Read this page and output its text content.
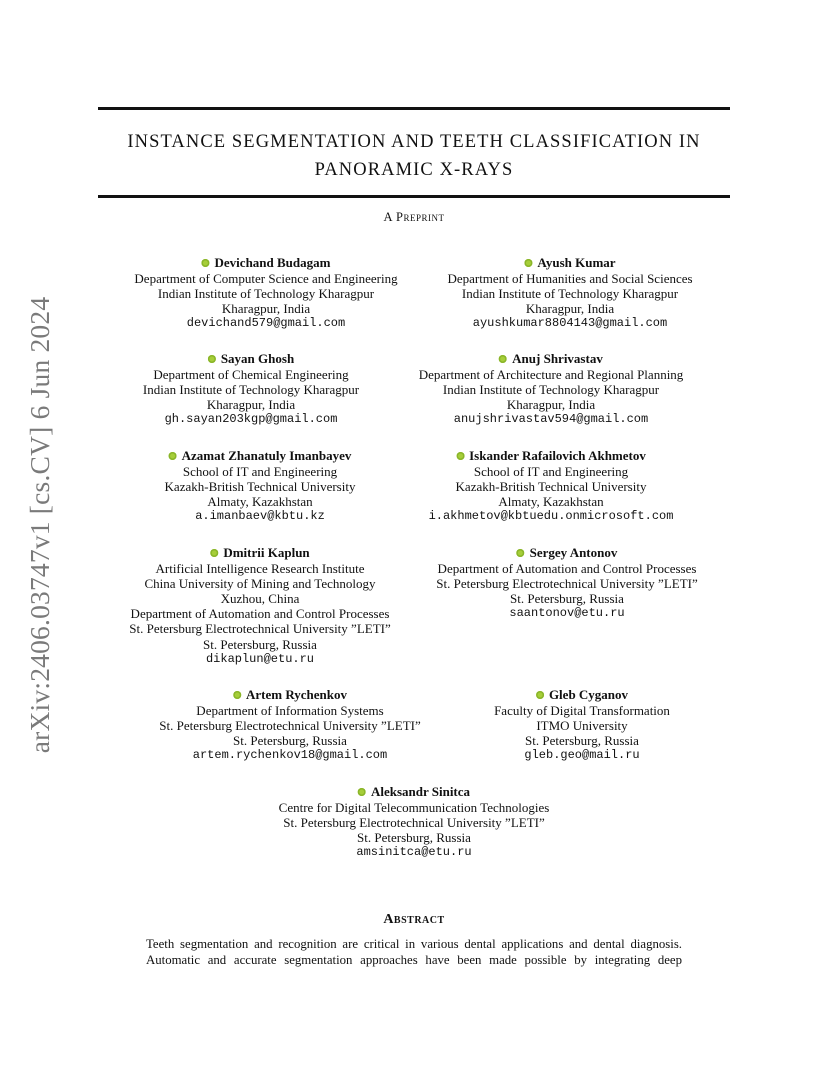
arXiv:2406.03747v1 [cs.CV] 6 Jun 2024
INSTANCE SEGMENTATION AND TEETH CLASSIFICATION IN
PANORAMIC X-RAYS
A Preprint
Devichand Budagam
Department of Computer Science and Engineering
Indian Institute of Technology Kharagpur
Kharagpur, India
devichand579@gmail.com
Ayush Kumar
Department of Humanities and Social Sciences
Indian Institute of Technology Kharagpur
Kharagpur, India
ayushkumar8804143@gmail.com
Sayan Ghosh
Department of Chemical Engineering
Indian Institute of Technology Kharagpur
Kharagpur, India
gh.sayan203kgp@gmail.com
Anuj Shrivastav
Department of Architecture and Regional Planning
Indian Institute of Technology Kharagpur
Kharagpur, India
anujshrivastav594@gmail.com
Azamat Zhanatuly Imanbayev
School of IT and Engineering
Kazakh-British Technical University
Almaty, Kazakhstan
a.imanbaev@kbtu.kz
Iskander Rafailovich Akhmetov
School of IT and Engineering
Kazakh-British Technical University
Almaty, Kazakhstan
i.akhmetov@kbtuedu.onmicrosoft.com
Dmitrii Kaplun
Artificial Intelligence Research Institute
China University of Mining and Technology
Xuzhou, China
Department of Automation and Control Processes
St. Petersburg Electrotechnical University ”LETI”
St. Petersburg, Russia
dikaplun@etu.ru
Sergey Antonov
Department of Automation and Control Processes
St. Petersburg Electrotechnical University ”LETI”
St. Petersburg, Russia
saantonov@etu.ru
Artem Rychenkov
Department of Information Systems
St. Petersburg Electrotechnical University ”LETI”
St. Petersburg, Russia
artem.rychenkov18@gmail.com
Gleb Cyganov
Faculty of Digital Transformation
ITMO University
St. Petersburg, Russia
gleb.geo@mail.ru
Aleksandr Sinitca
Centre for Digital Telecommunication Technologies
St. Petersburg Electrotechnical University ”LETI”
St. Petersburg, Russia
amsinitca@etu.ru
Abstract
Teeth segmentation and recognition are critical in various dental applications and dental diagnosis.
Automatic and accurate segmentation approaches have been made possible by integrating deep
